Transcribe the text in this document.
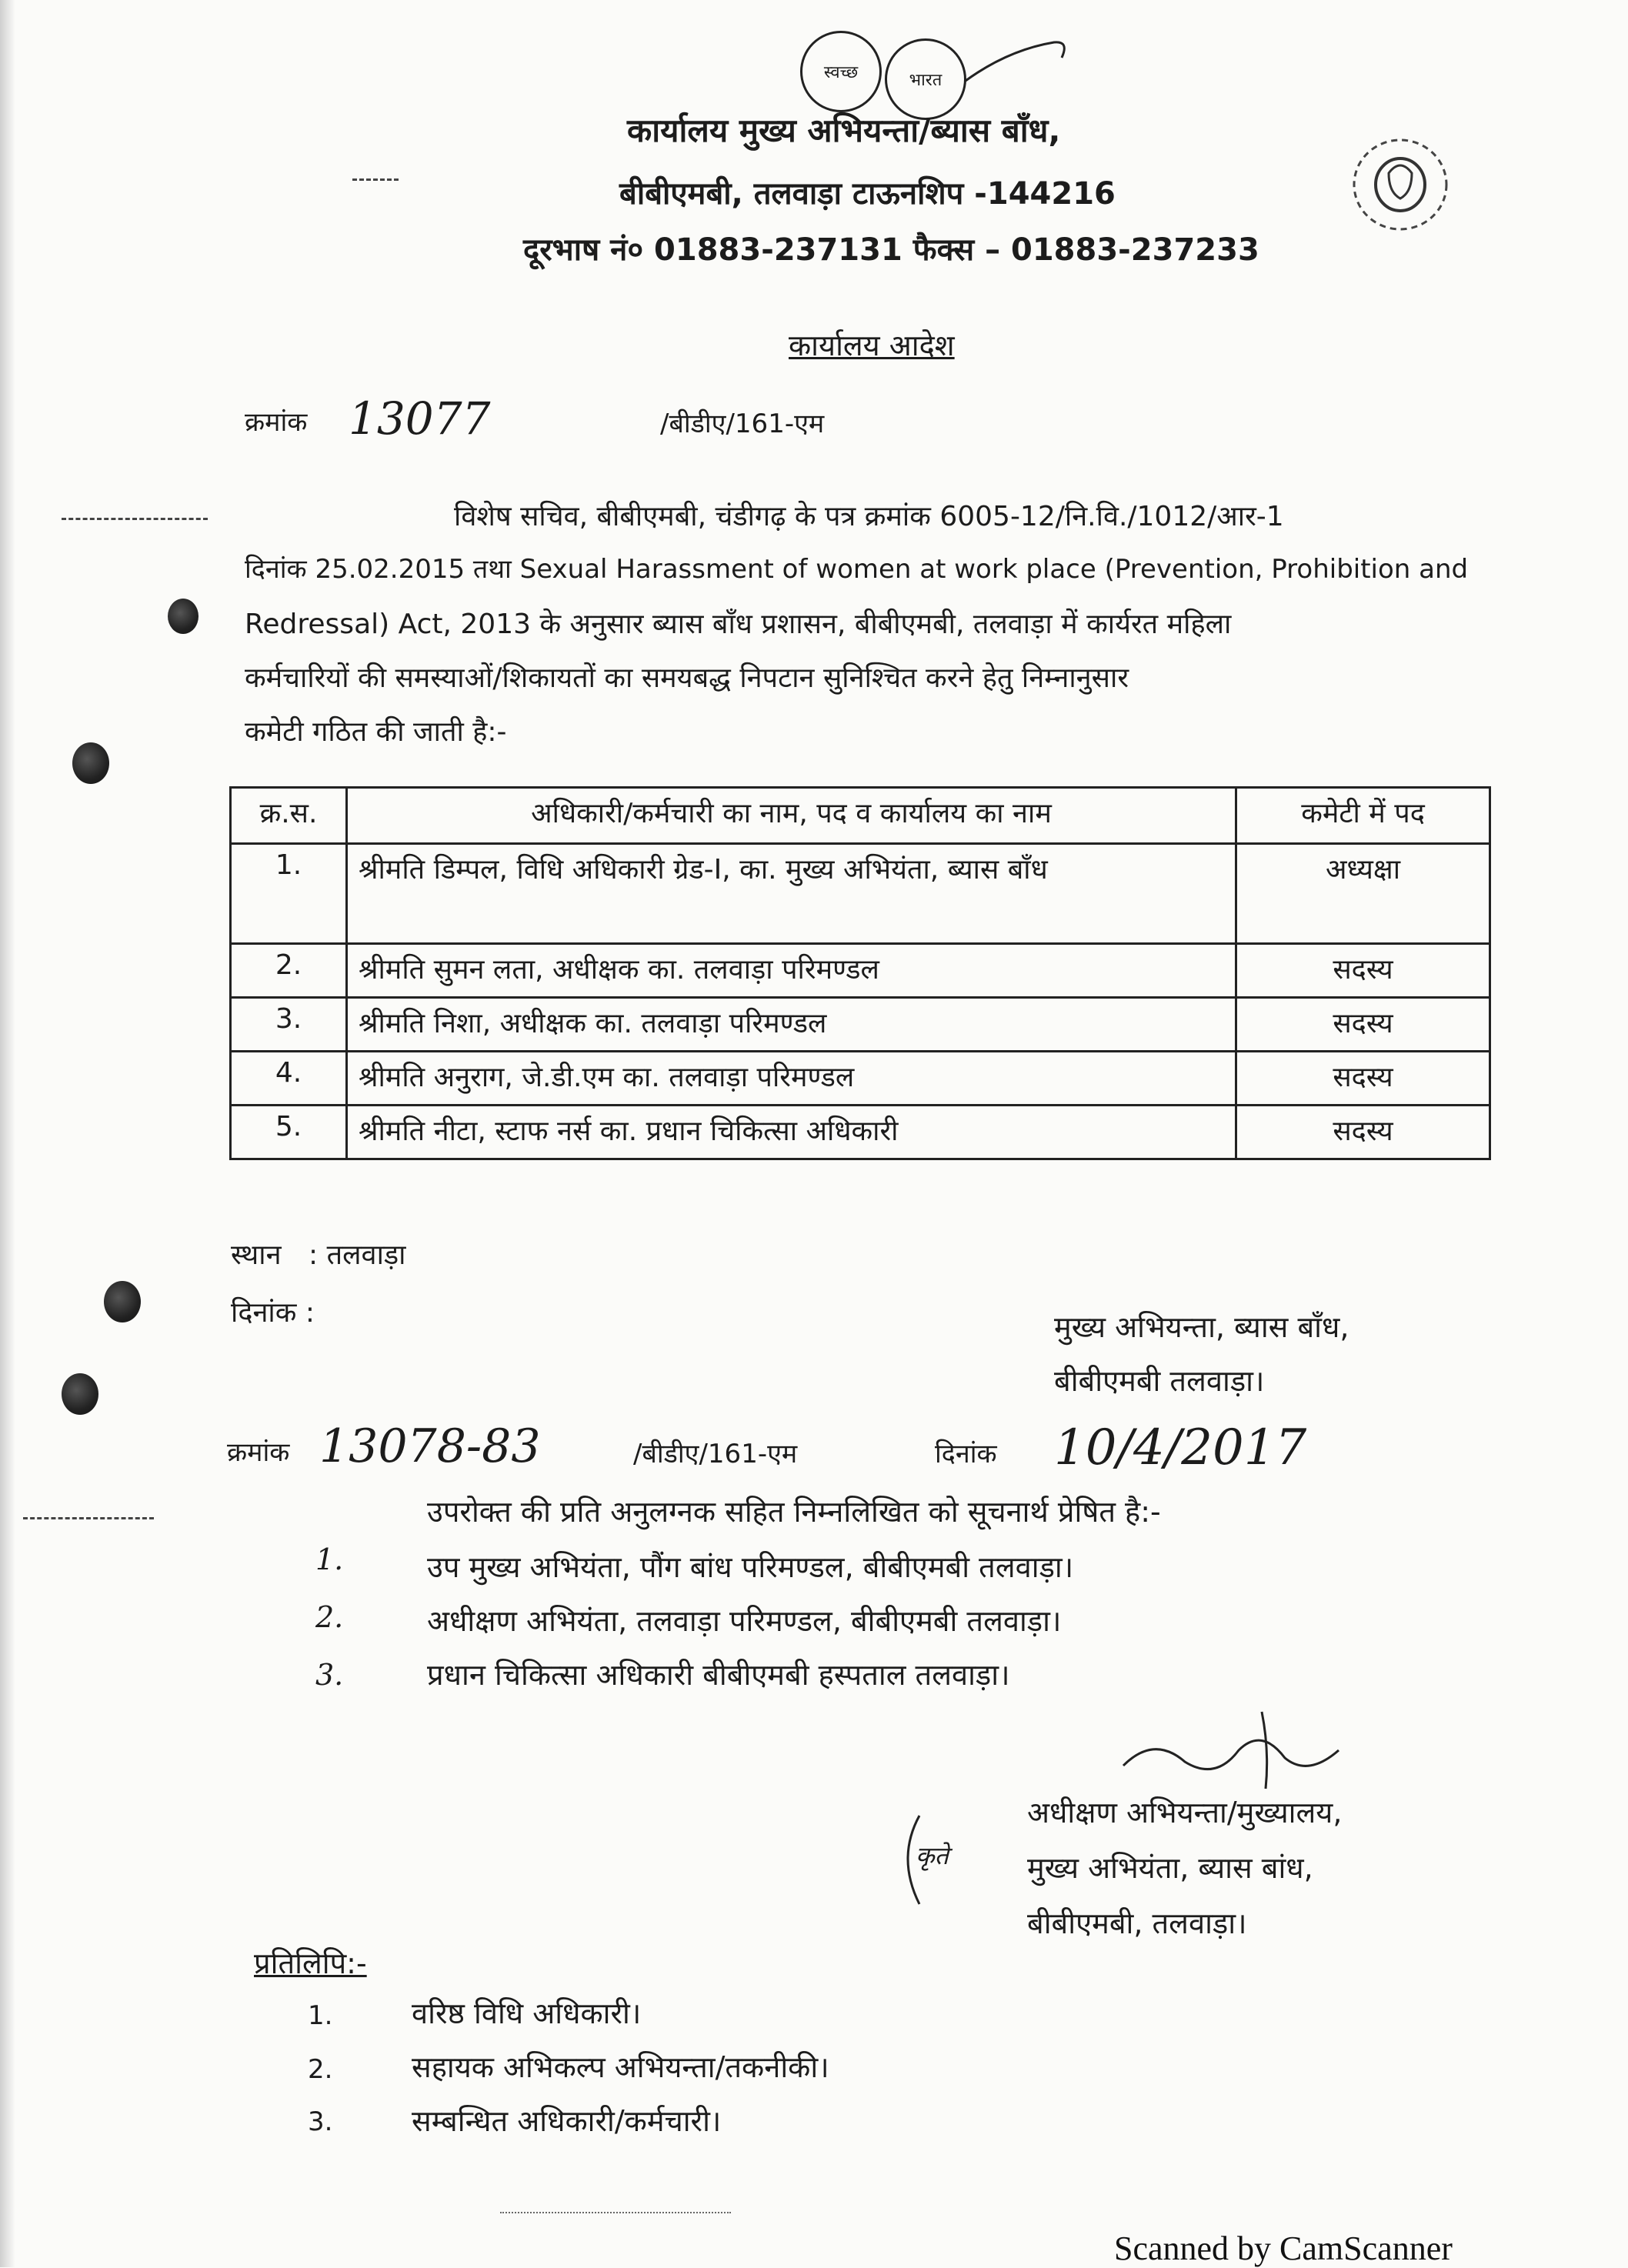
स्वच्छ	भारत
कार्यालय मुख्य अभियन्ता/ब्यास बाँध,
बीबीएमबी, तलवाड़ा टाऊनशिप -144216
दूरभाष नं० 01883-237131 फैक्स – 01883-237233
कार्यालय आदेश
क्रमांक 13077	/बीडीए/161-एम
विशेष सचिव, बीबीएमबी, चंडीगढ़ के पत्र क्रमांक 6005-12/नि.वि./1012/आर-1
दिनांक 25.02.2015 तथा Sexual Harassment of women at work place (Prevention, Prohibition and
Redressal) Act, 2013 के अनुसार ब्यास बाँध प्रशासन, बीबीएमबी, तलवाड़ा में कार्यरत महिला
कर्मचारियों की समस्याओं/शिकायतों का समयबद्ध निपटान सुनिश्चित करने हेतु निम्नानुसार
कमेटी गठित की जाती है:-
क्र.स.	अधिकारी/कर्मचारी का नाम, पद व कार्यालय का नाम	कमेटी में पद
1.	श्रीमति डिम्पल, विधि अधिकारी ग्रेड-I, का. मुख्य अभियंता, ब्यास बाँध	अध्यक्षा
2.	श्रीमति सुमन लता, अधीक्षक का. तलवाड़ा परिमण्डल	सदस्य
3.	श्रीमति निशा, अधीक्षक का. तलवाड़ा परिमण्डल	सदस्य
4.	श्रीमति अनुराग, जे.डी.एम का. तलवाड़ा परिमण्डल	सदस्य
5.	श्रीमति नीटा, स्टाफ नर्स का. प्रधान चिकित्सा अधिकारी	सदस्य
स्थान : तलवाड़ा
दिनांक :	मुख्य अभियन्ता, ब्यास बाँध,
बीबीएमबी तलवाड़ा।
क्रमांक 13078-83	/बीडीए/161-एम	दिनांक 10/4/2017
उपरोक्त की प्रति अनुलग्नक सहित निम्नलिखित को सूचनार्थ प्रेषित है:-
1.	उप मुख्य अभियंता, पौंग बांध परिमण्डल, बीबीएमबी तलवाड़ा।
2.	अधीक्षण अभियंता, तलवाड़ा परिमण्डल, बीबीएमबी तलवाड़ा।
3.	प्रधान चिकित्सा अधिकारी बीबीएमबी हस्पताल तलवाड़ा।
अधीक्षण अभियन्ता/मुख्यालय,
मुख्य अभियंता, ब्यास बांध,
बीबीएमबी, तलवाड़ा।
कृते
प्रतिलिपि:-
1.	वरिष्ठ विधि अधिकारी।
2.	सहायक अभिकल्प अभियन्ता/तकनीकी।
3.	सम्बन्धित अधिकारी/कर्मचारी।
Scanned by CamScanner
